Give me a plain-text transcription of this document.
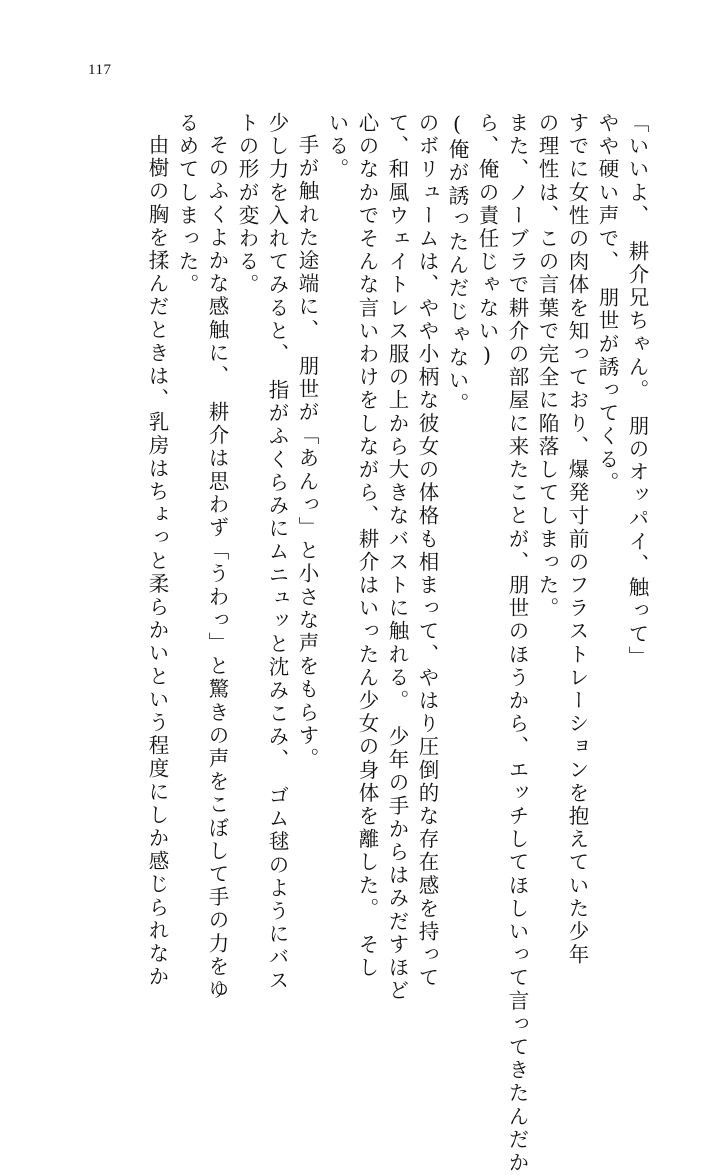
117
「いいよ、　耕介兄ちゃん。　朋のオッパイ、触って」
やや硬い声で、　朋世が誘ってくる。
すでに女性の肉体を知っており、爆発寸前のフラストレーションを抱えていた少年
の理性は、この言葉で完全に陥落してしまった。
また、ノーブラで耕介の部屋に来たことが、朋世のほうから、エッチしてほしいって言ってきたんだか
ら、俺の責任じゃない)
(俺が誘ったんだじゃない。
のボリュームは、やや小柄な彼女の体格も相まって、やはり圧倒的な存在感を持って
て、和風ウェイトレス服の上から大きなバストに触れる。　少年の手からはみだすほど
心のなかでそんな言いわけをしながら、耕介はいったん少女の身体を離した。　そし
いる。
手が触れた途端に、　朋世が「あんっ」と小さな声をもらす。
少し力を入れてみると、　指がふくらみにムニュッと沈みこみ、　ゴム毬のようにバス
トの形が変わる。
そのふくよかな感触に、　耕介は思わず「うわっ」と驚きの声をこぼして手の力をゆ
るめてしまった。
由樹の胸を揉んだときは、乳房はちょっと柔らかいという程度にしか感じられなか
